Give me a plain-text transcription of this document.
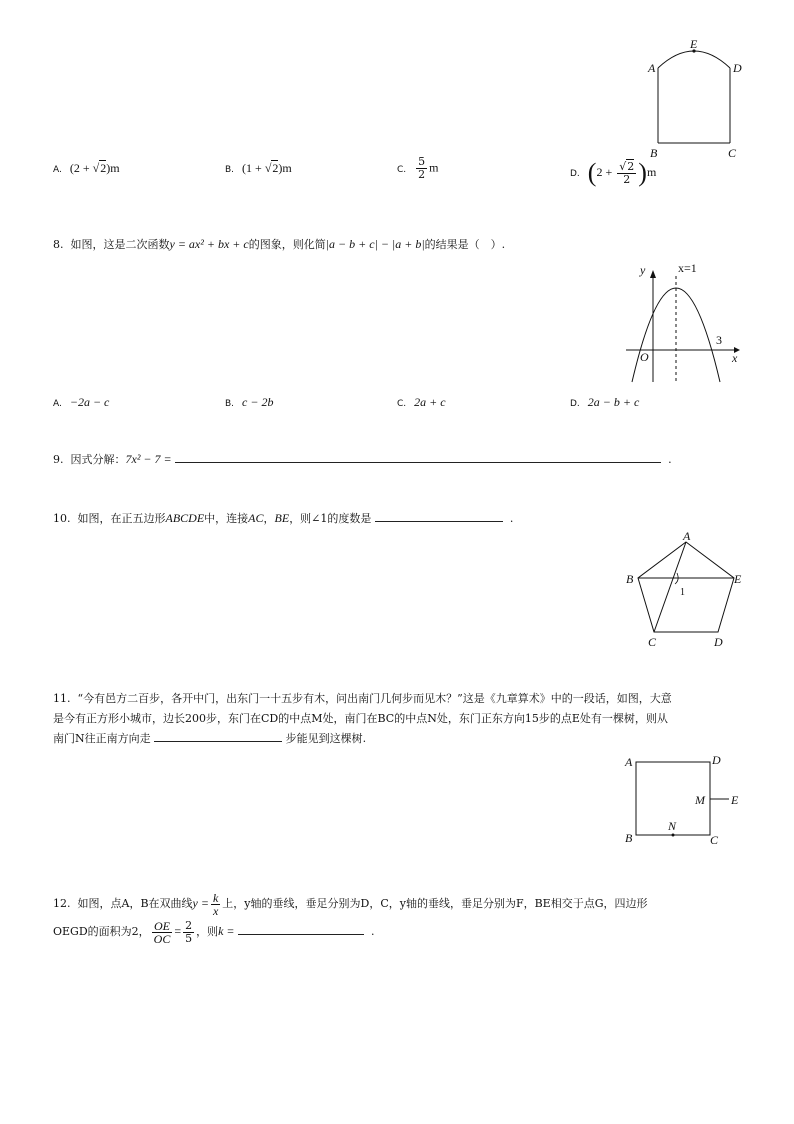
A
E
D
B	C
A. (2 + √2)m	B. (1 + √2)m	C. $\frac{5}{2}$ m	D. $(2 + \frac{√2}{2} )m$
8. 如图，这是二次函数y = ax² + bx + c的图象，则化简|a − b + c| − |a + b|的结果是（　）.
y	x=1
3
O	x
A. −2a − c	B. c − 2b	C. 2a + c	D. 2a − b + c
9. 因式分解：7x² − 7 =	.
10. 如图，在正五边形ABCDE中，连接AC，BE，则∠1的度数是	.
A
B	E
C	D
1
11. “今有邑方二百步，各开中门，出东门一十五步有木，问出南门几何步而见木？”这是《九章算术》中的一段话，如图，大意
是今有正方形小城市，边长200步，东门在CD的中点M处，南门在BC的中点N处，东门正东方向15步的点E处有一棵树，则从
南门N往正南方向走	步能见到这棵树.
A	D
M E
N
B	C
12. 如图，点A，B在双曲线$y = \frac{k}{x}$ 上，y轴的垂线，垂足分别为D，C，y轴的垂线，垂足分别为F，BE相交于点G，四边形
OEGD的面积为2， $\frac{OE}{OC} = \frac{2}{5}$ ，则k =	.
